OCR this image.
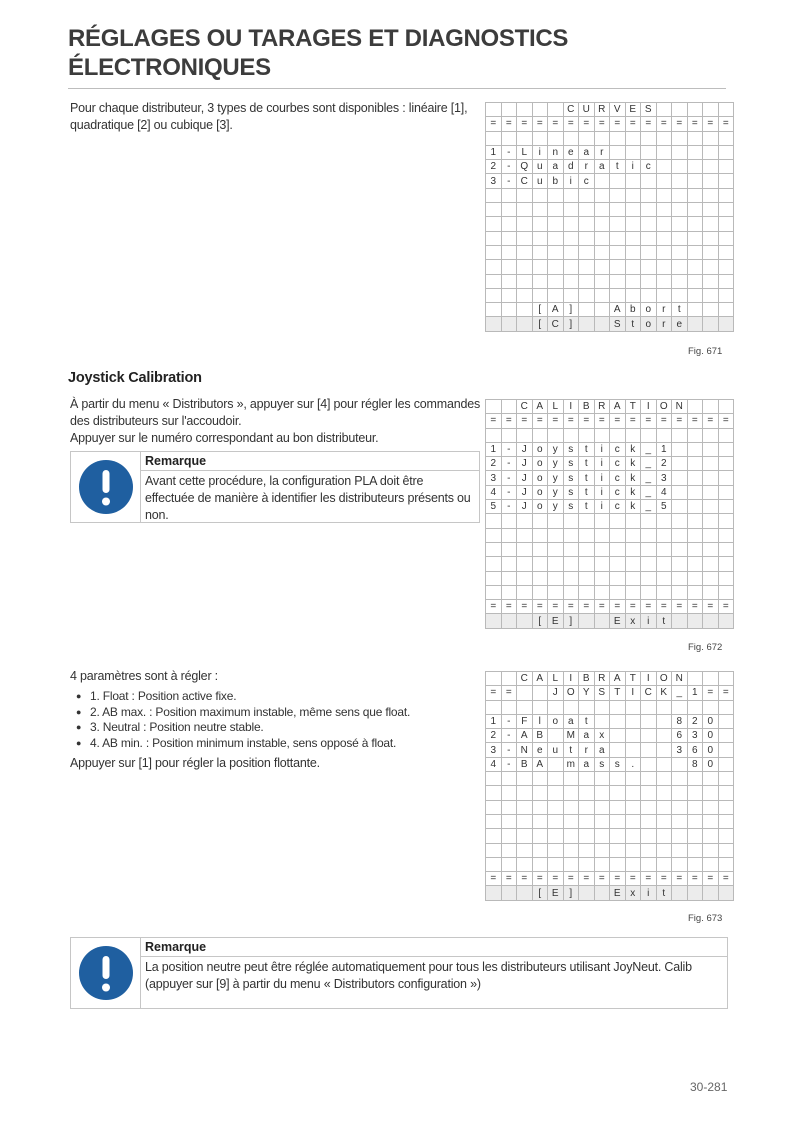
RÉGLAGES OU TARAGES ET DIAGNOSTICS ÉLECTRONIQUES

Pour chaque distributeur, 3 types de courbes sont disponibles : linéaire [1], quadratique [2] ou cubique [3].

					C	U	R	V	E	S					
=	=	=	=	=	=	=	=	=	=	=	=	=	=	=	=

1	-	L	i	n	e	a	r								
2	-	Q	u	a	d	r	a	t	i	c					
3	-	C	u	b	i	c									

			[	A	]			A	b	o	r	t			
			[	C	]			S	t	o	r	e			
Fig. 671
Joystick Calibration

À partir du menu « Distributors », appuyer sur [4] pour régler les commandes des distributeurs sur l'accoudoir.

Appuyer sur le numéro correspondant au bon distributeur.

Remarque

Avant cette procédure, la configuration PLA doit être effectuée de manière à identifier les distributeurs présents ou non.

		C	A	L	I	B	R	A	T	I	O	N			
=	=	=	=	=	=	=	=	=	=	=	=	=	=	=	=

1	-	J	o	y	s	t	i	c	k	_	1				
2	-	J	o	y	s	t	i	c	k	_	2				
3	-	J	o	y	s	t	i	c	k	_	3				
4	-	J	o	y	s	t	i	c	k	_	4				
5	-	J	o	y	s	t	i	c	k	_	5				

=	=	=	=	=	=	=	=	=	=	=	=	=	=	=	=
			[	E	]			E	x	i	t				
Fig. 672

4 paramètres sont à régler :

● 1. Float : Position active fixe.
● 2. AB max. : Position maximum instable, même sens que float.
● 3. Neutral : Position neutre stable.
● 4. AB min. : Position minimum instable, sens opposé à float.

Appuyer sur [1] pour régler la position flottante.

		C	A	L	I	B	R	A	T	I	O	N			
=	=			J	O	Y	S	T	I	C	K	_	1	=	=

1	-	F	l	o	a	t						8	2	0	
2	-	A	B		M	a	x					6	3	0	
3	-	N	e	u	t	r	a					3	6	0	
4	-	B	A		m	a	s	s	.				8	0	

=	=	=	=	=	=	=	=	=	=	=	=	=	=	=	=
			[	E	]			E	x	i	t				
Fig. 673
Remarque

La position neutre peut être réglée automatiquement pour tous les distributeurs utilisant JoyNeut. Calib (appuyer sur [9] à partir du menu « Distributors configuration »)

30-281
